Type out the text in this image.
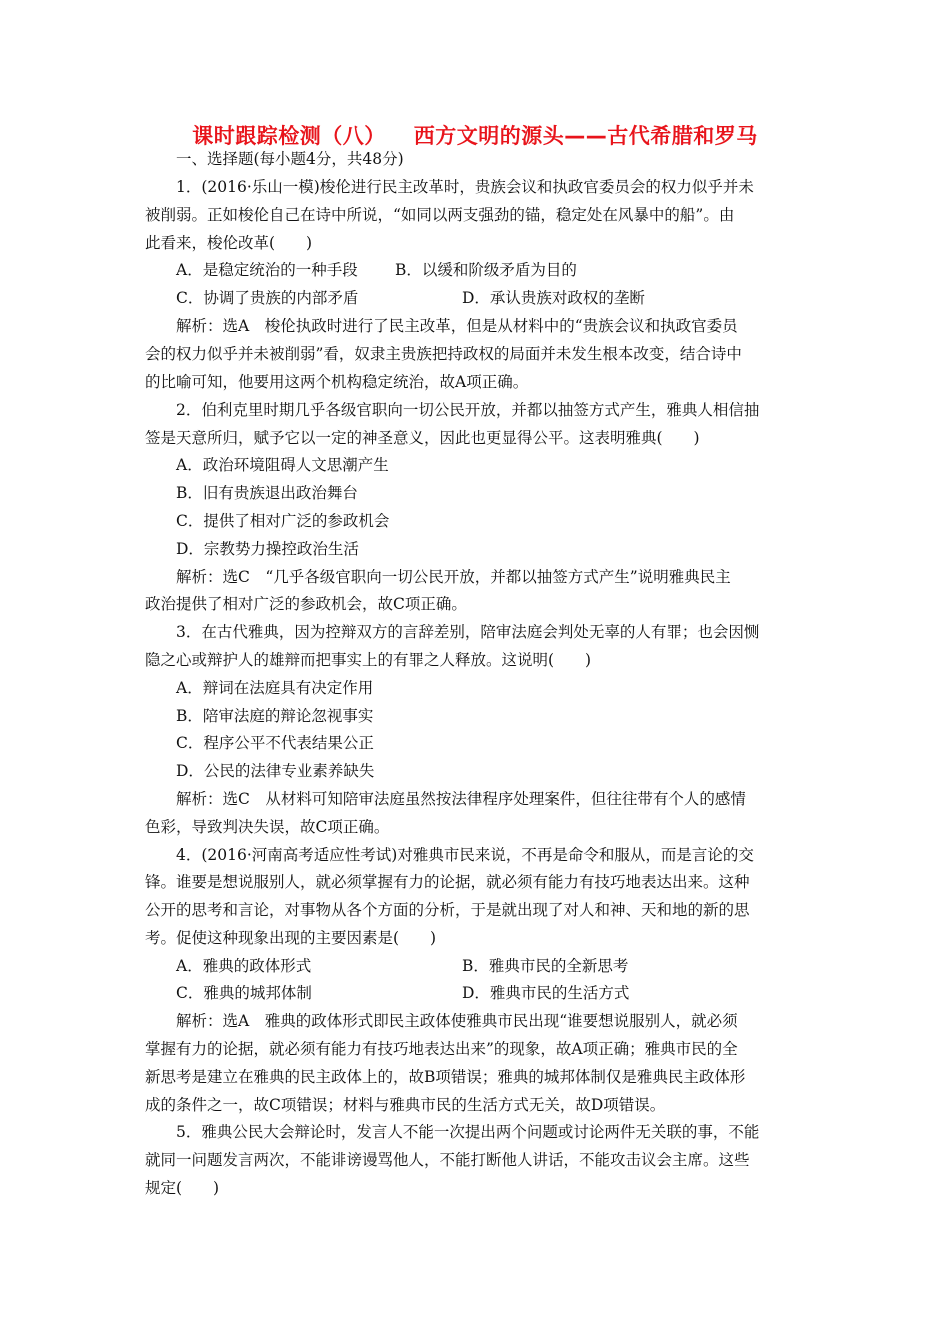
课时跟踪检测（八） 西方文明的源头——古代希腊和罗马
一、选择题(每小题4分，共48分)
1．(2016·乐山一模)梭伦进行民主改革时，贵族会议和执政官委员会的权力似乎并未
被削弱。正如梭伦自己在诗中所说，“如同以两支强劲的锚，稳定处在风暴中的船”。由
此看来，梭伦改革(　　)
A．是稳定统治的一种手段	B．以缓和阶级矛盾为目的
C．协调了贵族的内部矛盾	D．承认贵族对政权的垄断
解析：选A　梭伦执政时进行了民主改革，但是从材料中的“贵族会议和执政官委员
会的权力似乎并未被削弱”看，奴隶主贵族把持政权的局面并未发生根本改变，结合诗中
的比喻可知，他要用这两个机构稳定统治，故A项正确。
2．伯利克里时期几乎各级官职向一切公民开放，并都以抽签方式产生，雅典人相信抽
签是天意所归，赋予它以一定的神圣意义，因此也更显得公平。这表明雅典(　　)
A．政治环境阻碍人文思潮产生
B．旧有贵族退出政治舞台
C．提供了相对广泛的参政机会
D．宗教势力操控政治生活
解析：选C　“几乎各级官职向一切公民开放，并都以抽签方式产生”说明雅典民主
政治提供了相对广泛的参政机会，故C项正确。
3．在古代雅典，因为控辩双方的言辞差别，陪审法庭会判处无辜的人有罪；也会因恻
隐之心或辩护人的雄辩而把事实上的有罪之人释放。这说明(　　)
A．辩词在法庭具有决定作用
B．陪审法庭的辩论忽视事实
C．程序公平不代表结果公正
D．公民的法律专业素养缺失
解析：选C　从材料可知陪审法庭虽然按法律程序处理案件，但往往带有个人的感情
色彩，导致判决失误，故C项正确。
4．(2016·河南高考适应性考试)对雅典市民来说，不再是命令和服从，而是言论的交
锋。谁要是想说服别人，就必须掌握有力的论据，就必须有能力有技巧地表达出来。这种
公开的思考和言论，对事物从各个方面的分析，于是就出现了对人和神、天和地的新的思
考。促使这种现象出现的主要因素是(　　)
A．雅典的政体形式	B．雅典市民的全新思考
C．雅典的城邦体制	D．雅典市民的生活方式
解析：选A　雅典的政体形式即民主政体使雅典市民出现“谁要想说服别人，就必须
掌握有力的论据，就必须有能力有技巧地表达出来”的现象，故A项正确；雅典市民的全
新思考是建立在雅典的民主政体上的，故B项错误；雅典的城邦体制仅是雅典民主政体形
成的条件之一，故C项错误；材料与雅典市民的生活方式无关，故D项错误。
5．雅典公民大会辩论时，发言人不能一次提出两个问题或讨论两件无关联的事，不能
就同一问题发言两次，不能诽谤谩骂他人，不能打断他人讲话，不能攻击议会主席。这些
规定(　　)
